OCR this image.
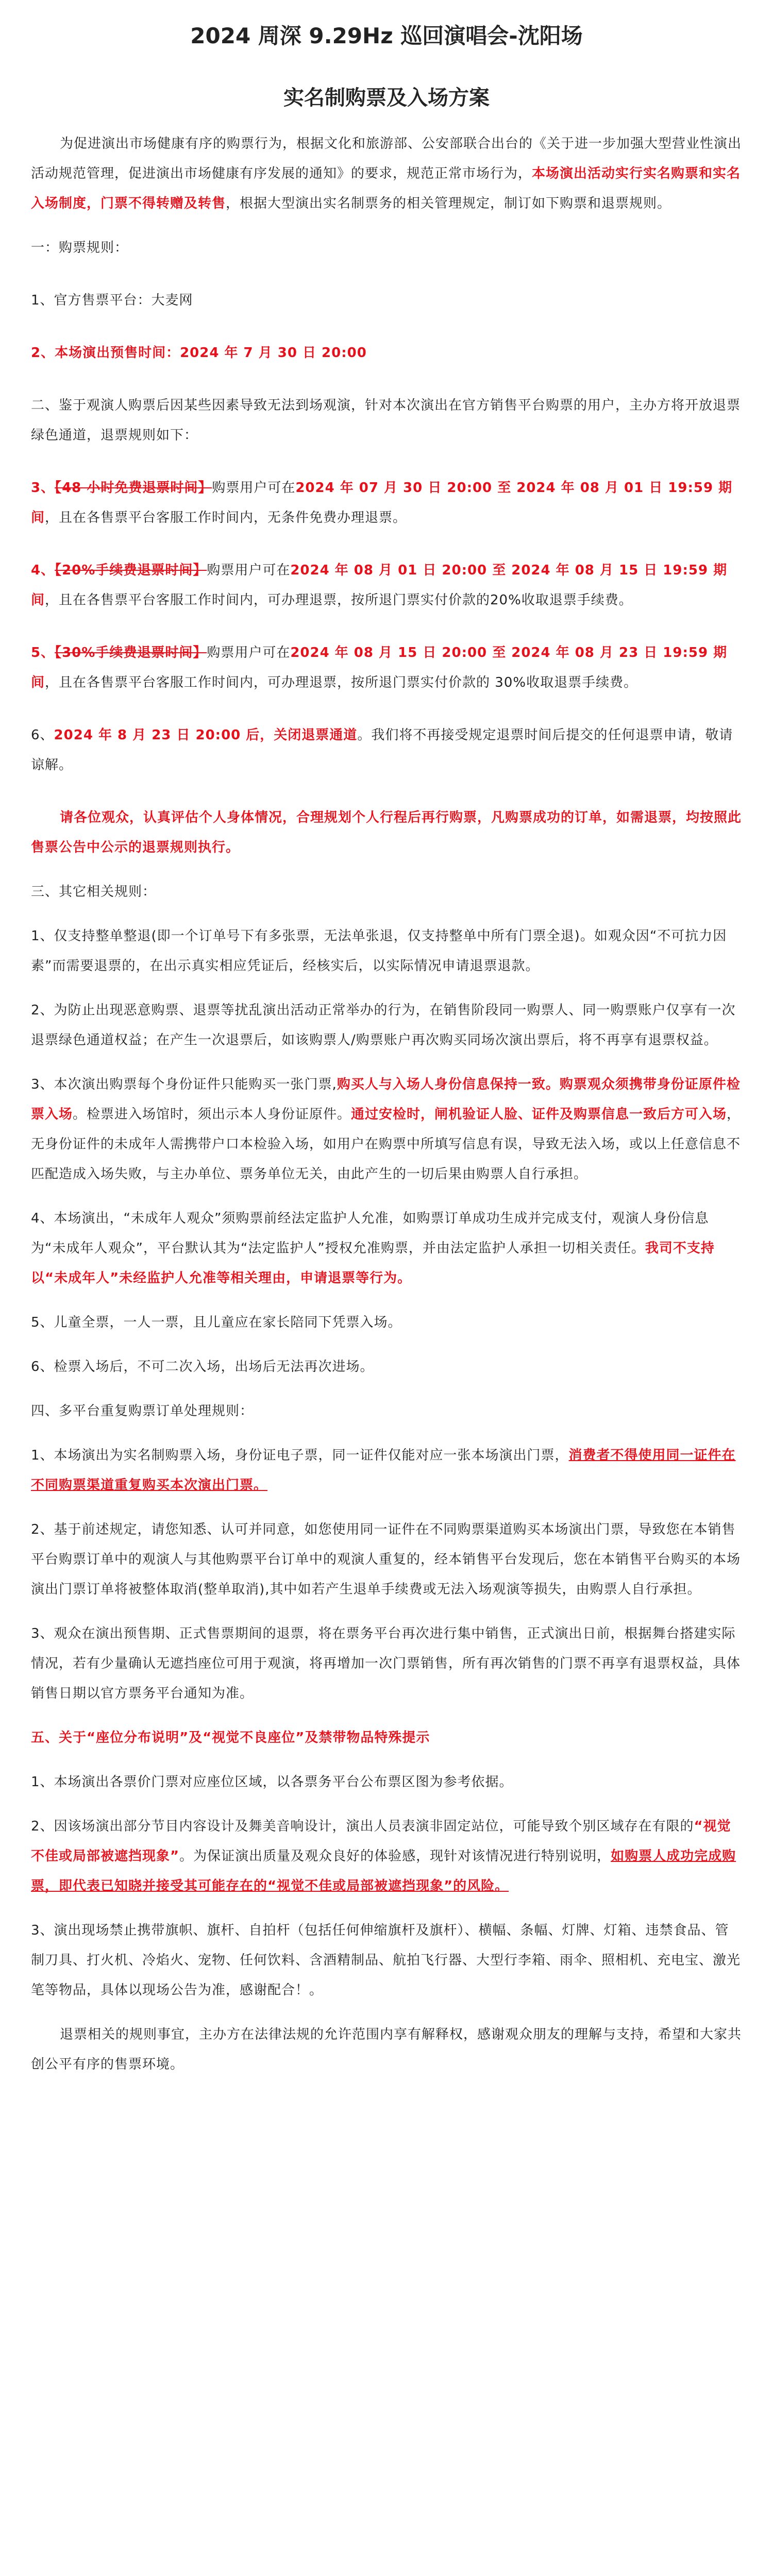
2024 周深 9.29Hz 巡回演唱会-沈阳场
实名制购票及入场方案

为促进演出市场健康有序的购票行为，根据文化和旅游部、公安部联合出台的《关于进一步加强大型营业性演出活动规范管理，促进演出市场健康有序发展的通知》的要求，规范正常市场行为，本场演出活动实行实名购票和实名入场制度，门票不得转赠及转售，根据大型演出实名制票务的相关管理规定，制订如下购票和退票规则。

一：购票规则：

1、官方售票平台：大麦网

2、本场演出预售时间：2024 年 7 月 30 日 20:00

二、鉴于观演人购票后因某些因素导致无法到场观演，针对本次演出在官方销售平台购票的用户，主办方将开放退票绿色通道，退票规则如下：

3、【48 小时免费退票时间】购票用户可在2024 年 07 月 30 日 20:00 至 2024 年 08 月 01 日 19:59 期间，且在各售票平台客服工作时间内，无条件免费办理退票。

4、【20%手续费退票时间】购票用户可在2024 年 08 月 01 日 20:00 至 2024 年 08 月 15 日 19:59 期间，且在各售票平台客服工作时间内，可办理退票，按所退门票实付价款的20%收取退票手续费。

5、【30%手续费退票时间】购票用户可在2024 年 08 月 15 日 20:00 至 2024 年 08 月 23 日 19:59 期间，且在各售票平台客服工作时间内，可办理退票，按所退门票实付价款的 30%收取退票手续费。

6、2024 年 8 月 23 日 20:00 后，关闭退票通道。我们将不再接受规定退票时间后提交的任何退票申请，敬请谅解。

请各位观众，认真评估个人身体情况，合理规划个人行程后再行购票，凡购票成功的订单，如需退票，均按照此售票公告中公示的退票规则执行。

三、其它相关规则：

1、仅支持整单整退(即一个订单号下有多张票，无法单张退，仅支持整单中所有门票全退)。如观众因“不可抗力因素”而需要退票的，在出示真实相应凭证后，经核实后，以实际情况申请退票退款。

2、为防止出现恶意购票、退票等扰乱演出活动正常举办的行为，在销售阶段同一购票人、同一购票账户仅享有一次退票绿色通道权益；在产生一次退票后，如该购票人/购票账户再次购买同场次演出票后，将不再享有退票权益。

3、本次演出购票每个身份证件只能购买一张门票,购买人与入场人身份信息保持一致。购票观众须携带身份证原件检票入场。检票进入场馆时，须出示本人身份证原件。通过安检时，闸机验证人脸、证件及购票信息一致后方可入场，无身份证件的未成年人需携带户口本检验入场，如用户在购票中所填写信息有误，导致无法入场，或以上任意信息不匹配造成入场失败，与主办单位、票务单位无关，由此产生的一切后果由购票人自行承担。

4、本场演出，“未成年人观众”须购票前经法定监护人允准，如购票订单成功生成并完成支付，观演人身份信息为“未成年人观众”，平台默认其为“法定监护人”授权允准购票，并由法定监护人承担一切相关责任。我司不支持以“未成年人”未经监护人允准等相关理由，申请退票等行为。

5、儿童全票，一人一票，且儿童应在家长陪同下凭票入场。

6、检票入场后，不可二次入场，出场后无法再次进场。

四、多平台重复购票订单处理规则：

1、本场演出为实名制购票入场，身份证电子票，同一证件仅能对应一张本场演出门票，消费者不得使用同一证件在不同购票渠道重复购买本次演出门票。

2、基于前述规定，请您知悉、认可并同意，如您使用同一证件在不同购票渠道购买本场演出门票，导致您在本销售平台购票订单中的观演人与其他购票平台订单中的观演人重复的，经本销售平台发现后，您在本销售平台购买的本场演出门票订单将被整体取消(整单取消),其中如若产生退单手续费或无法入场观演等损失，由购票人自行承担。

3、观众在演出预售期、正式售票期间的退票，将在票务平台再次进行集中销售，正式演出日前，根据舞台搭建实际情况，若有少量确认无遮挡座位可用于观演，将再增加一次门票销售，所有再次销售的门票不再享有退票权益，具体销售日期以官方票务平台通知为准。

五、关于“座位分布说明”及“视觉不良座位”及禁带物品特殊提示

1、本场演出各票价门票对应座位区域，以各票务平台公布票区图为参考依据。

2、因该场演出部分节目内容设计及舞美音响设计，演出人员表演非固定站位，可能导致个别区域存在有限的“视觉不佳或局部被遮挡现象”。为保证演出质量及观众良好的体验感，现针对该情况进行特别说明，如购票人成功完成购票，即代表已知晓并接受其可能存在的“视觉不佳或局部被遮挡现象”的风险。

3、演出现场禁止携带旗帜、旗杆、自拍杆（包括任何伸缩旗杆及旗杆）、横幅、条幅、灯牌、灯箱、违禁食品、管制刀具、打火机、冷焰火、宠物、任何饮料、含酒精制品、航拍飞行器、大型行李箱、雨伞、照相机、充电宝、激光笔等物品，具体以现场公告为准，感谢配合！。

退票相关的规则事宜，主办方在法律法规的允许范围内享有解释权，感谢观众朋友的理解与支持，希望和大家共创公平有序的售票环境。
